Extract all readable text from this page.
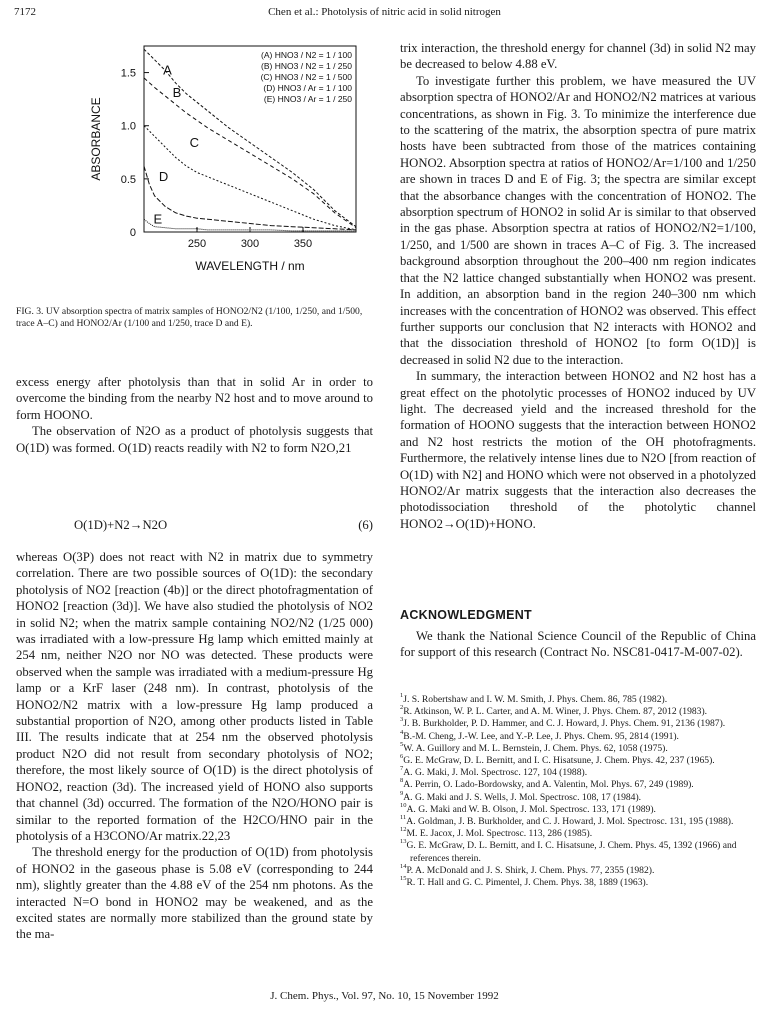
7172	Chen et al.: Photolysis of nitric acid in solid nitrogen
250	300	350
0
0.5
1.0
1.5
WAVELENGTH / nm
ABSORBANCE
A
B
C
D
E
(A) HNO3 / N2 = 1 / 100
(B) HNO3 / N2 = 1 / 250
(C) HNO3 / N2 = 1 / 500
(D) HNO3 / Ar = 1 / 100
(E) HNO3 / Ar = 1 / 250
FIG. 3. UV absorption spectra of matrix samples of HONO2/N2 (1/100, 1/250, and 1/500, trace A–C) and HONO2/Ar (1/100 and 1/250, trace D and E).

excess energy after photolysis than that in solid Ar in order to overcome the binding from the nearby N2 host and to move around to form HOONO.

The observation of N2O as a product of photolysis suggests that O(1D) was formed. O(1D) reacts readily with N2 to form N2O,21

O(1D)+N2→N2O	(6)

whereas O(3P) does not react with N2 in matrix due to symmetry correlation. There are two possible sources of O(1D): the secondary photolysis of NO2 [reaction (4b)] or the direct photofragmentation of HONO2 [reaction (3d)]. We have also studied the photolysis of NO2 in solid N2; when the matrix sample containing NO2/N2 (1/25 000) was irradiated with a low-pressure Hg lamp which emitted mainly at 254 nm, neither N2O nor NO was detected. These products were observed when the sample was irradiated with a medium-pressure Hg lamp or a KrF laser (248 nm). In contrast, photolysis of the HONO2/N2 matrix with a low-pressure Hg lamp produced a substantial proportion of N2O, among other products listed in Table III. The results indicate that at 254 nm the observed photolysis product N2O did not result from secondary photolysis of NO2; therefore, the most likely source of O(1D) is the direct photolysis of HONO2, reaction (3d). The increased yield of HONO also supports that channel (3d) occurred. The formation of the N2O/HONO pair is similar to the reported formation of the H2CO/HNO pair in the photolysis of a H3CONO/Ar matrix.22,23

The threshold energy for the production of O(1D) from photolysis of HONO2 in the gaseous phase is 5.08 eV (corresponding to 244 nm), slightly greater than the 4.88 eV of the 254 nm photons. As the interacted N=O bond in HONO2 may be weakened, and as the excited states are normally more stabilized than the ground state by the ma-

trix interaction, the threshold energy for channel (3d) in solid N2 may be decreased to below 4.88 eV.

To investigate further this problem, we have measured the UV absorption spectra of HONO2/Ar and HONO2/N2 matrices at various concentrations, as shown in Fig. 3. To minimize the interference due to the scattering of the matrix, the absorption spectra of pure matrix hosts have been subtracted from those of the matrices containing HONO2. Absorption spectra at ratios of HONO2/Ar=1/100 and 1/250 are shown in traces D and E of Fig. 3; the spectra are similar except that the absorbance changes with the concentration of HONO2. The absorption spectrum of HONO2 in solid Ar is similar to that observed in the gas phase. Absorption spectra at ratios of HONO2/N2=1/100, 1/250, and 1/500 are shown in traces A–C of Fig. 3. The increased background absorption throughout the 200–400 nm region indicates that the N2 lattice changed substantially when HONO2 was present. In addition, an absorption band in the region 240–300 nm which increases with the concentration of HONO2 was observed. This effect further supports our conclusion that N2 interacts with HONO2 and that the dissociation threshold of HONO2 [to form O(1D)] is decreased in solid N2 due to the interaction.

In summary, the interaction between HONO2 and N2 host has a great effect on the photolytic processes of HONO2 induced by UV light. The decreased yield and the increased threshold for the formation of HOONO suggests that the interaction between HONO2 and N2 host restricts the motion of the OH photofragments. Furthermore, the relatively intense lines due to N2O [from reaction of O(1D) with N2] and HONO which were not observed in a photolyzed HONO2/Ar matrix suggests that the interaction also decreases the photodissociation threshold of the photolytic channel HONO2→O(1D)+HONO.

ACKNOWLEDGMENT

We thank the National Science Council of the Republic of China for support of this research (Contract No. NSC81-0417-M-007-02).

$^1$J. S. Robertshaw and I. W. M. Smith, J. Phys. Chem. 86, 785 (1982).

$^2$R. Atkinson, W. P. L. Carter, and A. M. Winer, J. Phys. Chem. 87, 2012 (1983).

$^3$J. B. Burkholder, P. D. Hammer, and C. J. Howard, J. Phys. Chem. 91, 2136 (1987).

$^4$B.-M. Cheng, J.-W. Lee, and Y.-P. Lee, J. Phys. Chem. 95, 2814 (1991).

$^5$W. A. Guillory and M. L. Bernstein, J. Chem. Phys. 62, 1058 (1975).

$^6$G. E. McGraw, D. L. Bernitt, and I. C. Hisatsune, J. Chem. Phys. 42, 237 (1965).

$^7$A. G. Maki, J. Mol. Spectrosc. 127, 104 (1988).

$^8$A. Perrin, O. Lado-Bordowsky, and A. Valentin, Mol. Phys. 67, 249 (1989).

$^9$A. G. Maki and J. S. Wells, J. Mol. Spectrosc. 108, 17 (1984).

$^{10}$A. G. Maki and W. B. Olson, J. Mol. Spectrosc. 133, 171 (1989).

$^{11}$A. Goldman, J. B. Burkholder, and C. J. Howard, J. Mol. Spectrosc. 131, 195 (1988).

$^{12}$M. E. Jacox, J. Mol. Spectrosc. 113, 286 (1985).

$^{13}$G. E. McGraw, D. L. Bernitt, and I. C. Hisatsune, J. Chem. Phys. 45, 1392 (1966) and references therein.

$^{14}$P. A. McDonald and J. S. Shirk, J. Chem. Phys. 77, 2355 (1982).

$^{15}$R. T. Hall and G. C. Pimentel, J. Chem. Phys. 38, 1889 (1963).

J. Chem. Phys., Vol. 97, No. 10, 15 November 1992
